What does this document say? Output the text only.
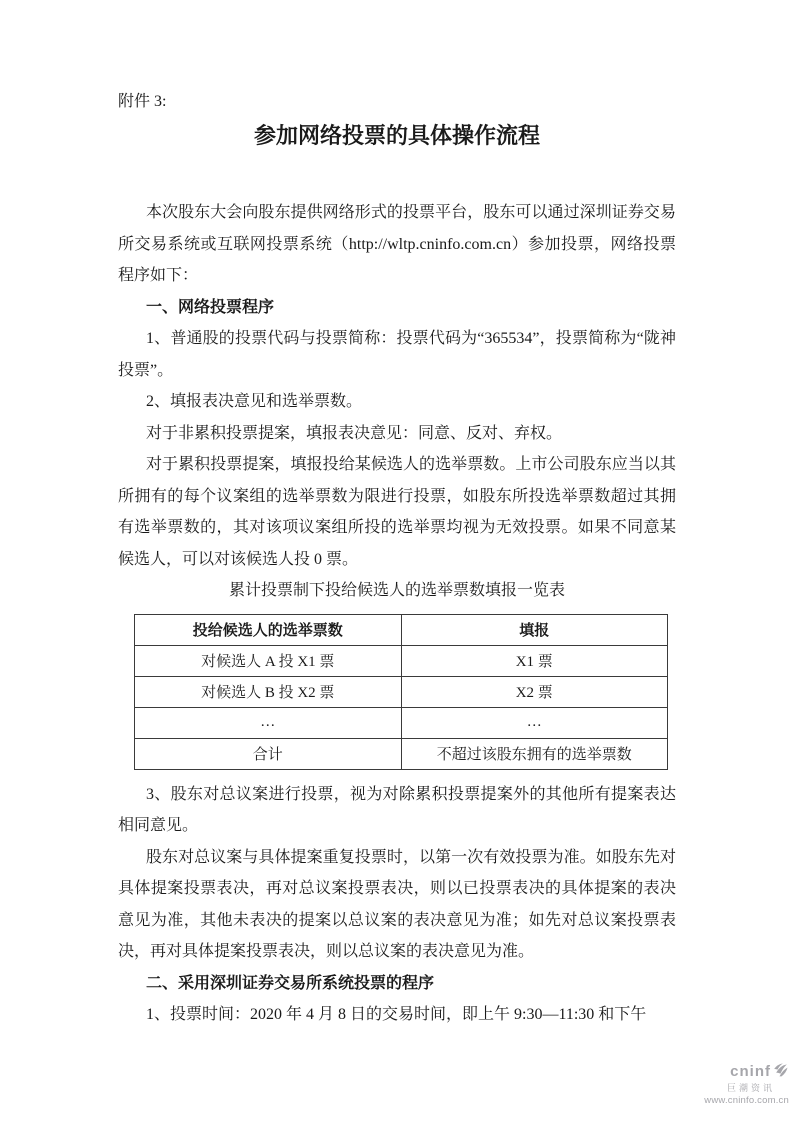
附件 3:

参加网络投票的具体操作流程

本次股东大会向股东提供网络形式的投票平台，股东可以通过深圳证券交易所交易系统或互联网投票系统（http://wltp.cninfo.com.cn）参加投票，网络投票程序如下：

一、网络投票程序

1、普通股的投票代码与投票简称：投票代码为“365534”，投票简称为“陇神投票”。

2、填报表决意见和选举票数。

对于非累积投票提案，填报表决意见：同意、反对、弃权。

对于累积投票提案，填报投给某候选人的选举票数。上市公司股东应当以其所拥有的每个议案组的选举票数为限进行投票，如股东所投选举票数超过其拥有选举票数的，其对该项议案组所投的选举票均视为无效投票。如果不同意某候选人，可以对该候选人投 0 票。

累计投票制下投给候选人的选举票数填报一览表

投给候选人的选举票数	填报
对候选人 A 投 X1 票	X1 票
对候选人 B 投 X2 票	X2 票
…	…
合计	不超过该股东拥有的选举票数

3、股东对总议案进行投票，视为对除累积投票提案外的其他所有提案表达相同意见。

股东对总议案与具体提案重复投票时，以第一次有效投票为准。如股东先对具体提案投票表决，再对总议案投票表决，则以已投票表决的具体提案的表决意见为准，其他未表决的提案以总议案的表决意见为准；如先对总议案投票表决，再对具体提案投票表决，则以总议案的表决意见为准。

二、采用深圳证券交易所系统投票的程序

1、投票时间：2020 年 4 月 8 日的交易时间，即上午 9:30—11:30 和下午

cninf
巨潮资讯
www.cninfo.com.cn
